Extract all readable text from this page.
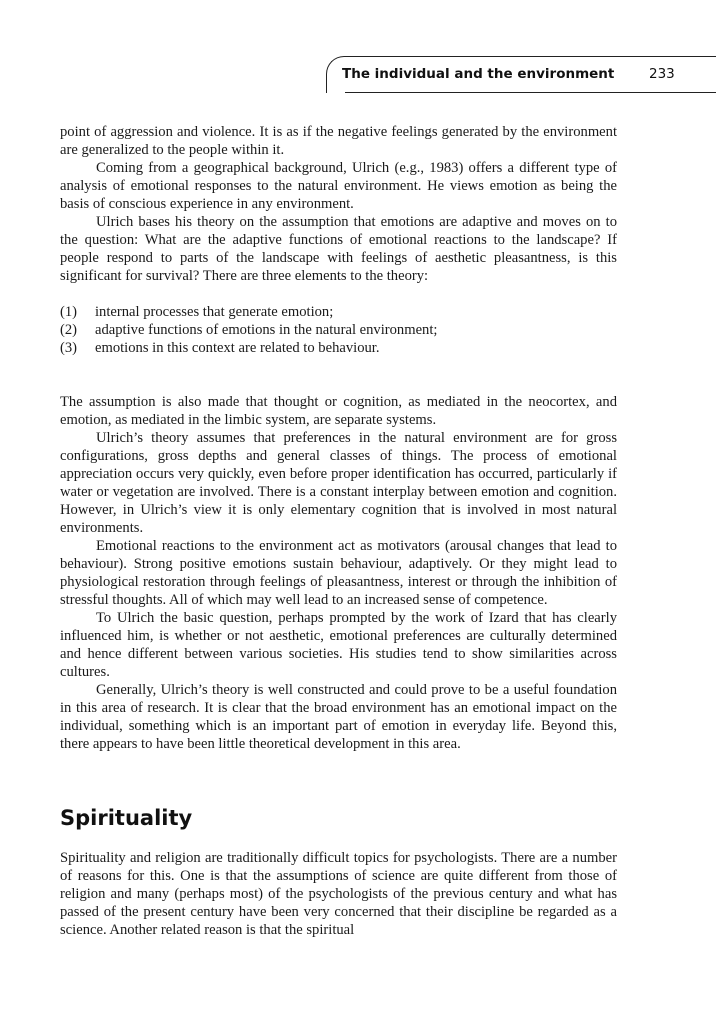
The individual and the environment	233

point of aggression and violence. It is as if the negative feelings generated by the environment are generalized to the people within it.

Coming from a geographical background, Ulrich (e.g., 1983) offers a different type of analysis of emotional responses to the natural environment. He views emotion as being the basis of conscious experience in any environment.

Ulrich bases his theory on the assumption that emotions are adaptive and moves on to the question: What are the adaptive functions of emotional reactions to the landscape? If people respond to parts of the landscape with feelings of aesthetic pleasantness, is this significant for survival? There are three elements to the theory:

(1)	internal processes that generate emotion;
(2)	adaptive functions of emotions in the natural environment;
(3)	emotions in this context are related to behaviour.

The assumption is also made that thought or cognition, as mediated in the neocortex, and emotion, as mediated in the limbic system, are separate systems.

Ulrich’s theory assumes that preferences in the natural environment are for gross configurations, gross depths and general classes of things. The process of emotional appreciation occurs very quickly, even before proper identification has occurred, particularly if water or vegetation are involved. There is a constant interplay between emotion and cognition. However, in Ulrich’s view it is only elementary cognition that is involved in most natural environments.

Emotional reactions to the environment act as motivators (arousal changes that lead to behaviour). Strong positive emotions sustain behaviour, adaptively. Or they might lead to physiological restoration through feelings of pleasantness, interest or through the inhibition of stressful thoughts. All of which may well lead to an increased sense of competence.

To Ulrich the basic question, perhaps prompted by the work of Izard that has clearly influenced him, is whether or not aesthetic, emotional preferences are culturally determined and hence different between various societies. His studies tend to show similarities across cultures.

Generally, Ulrich’s theory is well constructed and could prove to be a useful foundation in this area of research. It is clear that the broad environment has an emotional impact on the individual, something which is an important part of emotion in everyday life. Beyond this, there appears to have been little theoretical development in this area.

Spirituality

Spirituality and religion are traditionally difficult topics for psychologists. There are a number of reasons for this. One is that the assumptions of science are quite different from those of religion and many (perhaps most) of the psychologists of the previous century and what has passed of the present century have been very concerned that their discipline be regarded as a science. Another related reason is that the spiritual
